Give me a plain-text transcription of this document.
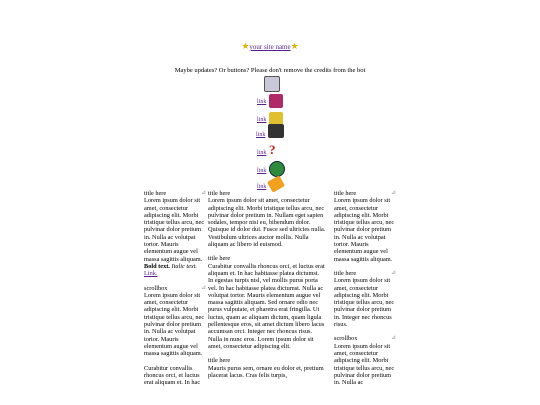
★your site name★
Maybe updates? Or buttons? Please don't remove the credits from the bot
link
link
link
link ?
link
link
title here	⊿
Lorem ipsum dolor sit amet, consectetur adipiscing elit. Morbi tristique tellus arcu, nec pulvinar dolor pretium in. Nulla ac volutpat tortor. Mauris elementum augue vel massa sagittis aliquam. Bold text. Italic text. Link.
scrollbox	⊿
Lorem ipsum dolor sit amet, consectetur adipiscing elit. Morbi tristique tellus arcu, nec pulvinar dolor pretium in. Nulla ac volutpat tortor. Mauris elementum augue vel massa sagittis aliquam.
Curabitur convallis rhoncus orci, et luctus erat aliquam et. In hac
title here
Lorem ipsum dolor sit amet, consectetur adipiscing elit. Morbi tristique tellus arcu, nec pulvinar dolor pretium in. Nullam eget sapien sodales, tempor nisi eu, bibendum dolor. Quisque id dolor dui. Fusce sed ultricies nulla. Vestibulum ultrices auctor mollis. Nulla aliquam ac libero id euismod.
title here
Curabitur convallis rhoncus orci, et luctus erat aliquam et. In hac habitasse platea dictumst. In egestas turpis nisl, vel mollis purus porta vel. In hac habitasse platea dictumst. Nulla ac volutpat tortor. Mauris elementum augue vel massa sagittis aliquam. Sed ornare odio nec purus vulputate, et pharetra erat fringilla. Ut luctus, quam ac aliquam dictum, quam ligula pellentesque eros, sit amet dictum libero lacus accumsan orci. Integer nec rhoncus risus. Nulla in nunc eros. Lorem ipsum dolor sit amet, consectetur adipiscing elit.
title here
Mauris purus sem, ornare eu dolor et, pretium placerat lacus. Cras felis turpis,
title here	⊿
Lorem ipsum dolor sit amet, consectetur adipiscing elit. Morbi tristique tellus arcu, nec pulvinar dolor pretium in. Nulla ac volutpat tortor. Mauris elementum augue vel massa sagittis aliquam.
title here	⊿
Lorem ipsum dolor sit amet, consectetur adipiscing elit. Morbi tristique tellus arcu, nec pulvinar dolor pretium in. Integer nec rhoncus risus.
scrollbox	⊿
Lorem ipsum dolor sit amet, consectetur adipiscing elit. Morbi tristique tellus arcu, nec pulvinar dolor pretium in. Nulla ac
